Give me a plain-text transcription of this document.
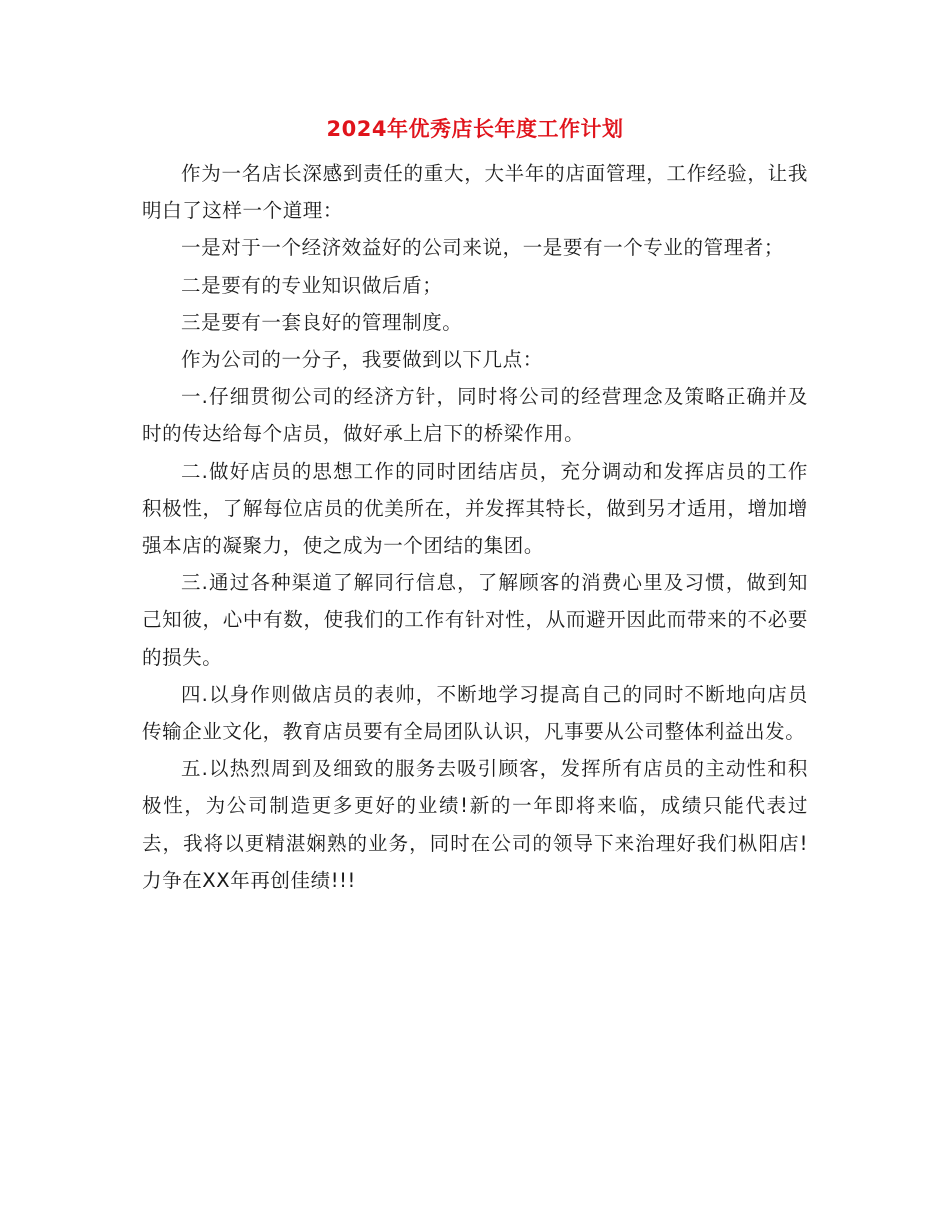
2024年优秀店长年度工作计划

作为一名店长深感到责任的重大，大半年的店面管理，工作经验，让我明白了这样一个道理：

一是对于一个经济效益好的公司来说，一是要有一个专业的管理者；

二是要有的专业知识做后盾；

三是要有一套良好的管理制度。

作为公司的一分子，我要做到以下几点：

一.仔细贯彻公司的经济方针，同时将公司的经营理念及策略正确并及时的传达给每个店员，做好承上启下的桥梁作用。

二.做好店员的思想工作的同时团结店员，充分调动和发挥店员的工作积极性，了解每位店员的优美所在，并发挥其特长，做到另才适用，增加增强本店的凝聚力，使之成为一个团结的集团。

三.通过各种渠道了解同行信息，了解顾客的消费心里及习惯，做到知己知彼，心中有数，使我们的工作有针对性，从而避开因此而带来的不必要的损失。

四.以身作则做店员的表帅，不断地学习提高自己的同时不断地向店员传输企业文化，教育店员要有全局团队认识，凡事要从公司整体利益出发。

五.以热烈周到及细致的服务去吸引顾客，发挥所有店员的主动性和积极性，为公司制造更多更好的业绩!新的一年即将来临，成绩只能代表过去，我将以更精湛娴熟的业务，同时在公司的领导下来治理好我们枞阳店!力争在XX年再创佳绩!!!
